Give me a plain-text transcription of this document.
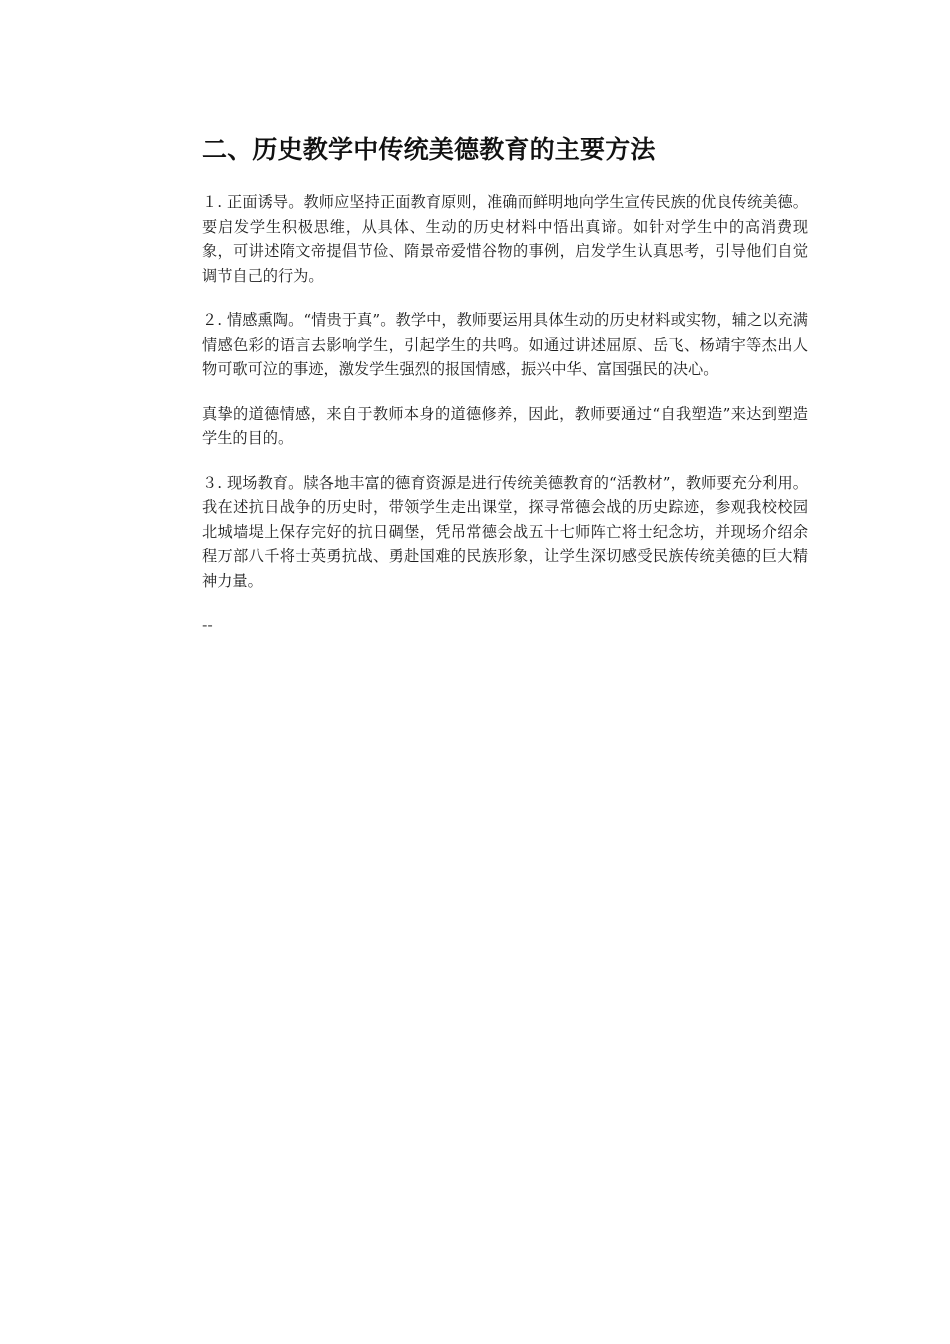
二、历史教学中传统美德教育的主要方法

１. 正面诱导。教师应坚持正面教育原则，准确而鲜明地向学生宣传民族的优良传统美德。要启发学生积极思维，从具体、生动的历史材料中悟出真谛。如针对学生中的高消费现象，可讲述隋文帝提倡节俭、隋景帝爱惜谷物的事例，启发学生认真思考，引导他们自觉调节自己的行为。

２. 情感熏陶。“情贵于真”。教学中，教师要运用具体生动的历史材料或实物，辅之以充满情感色彩的语言去影响学生，引起学生的共鸣。如通过讲述屈原、岳飞、杨靖宇等杰出人物可歌可泣的事迹，激发学生强烈的报国情感，振兴中华、富国强民的决心。

真挚的道德情感，来自于教师本身的道德修养，因此，教师要通过“自我塑造”来达到塑造学生的目的。

３. 现场教育。牍各地丰富的德育资源是进行传统美德教育的“活教材”，教师要充分利用。我在述抗日战争的历史时，带领学生走出课堂，探寻常德会战的历史踪迹，参观我校校园北城墙堤上保存完好的抗日碉堡，凭吊常德会战五十七师阵亡将士纪念坊，并现场介绍余程万部八千将士英勇抗战、勇赴国难的民族形象，让学生深切感受民族传统美德的巨大精神力量。

--
